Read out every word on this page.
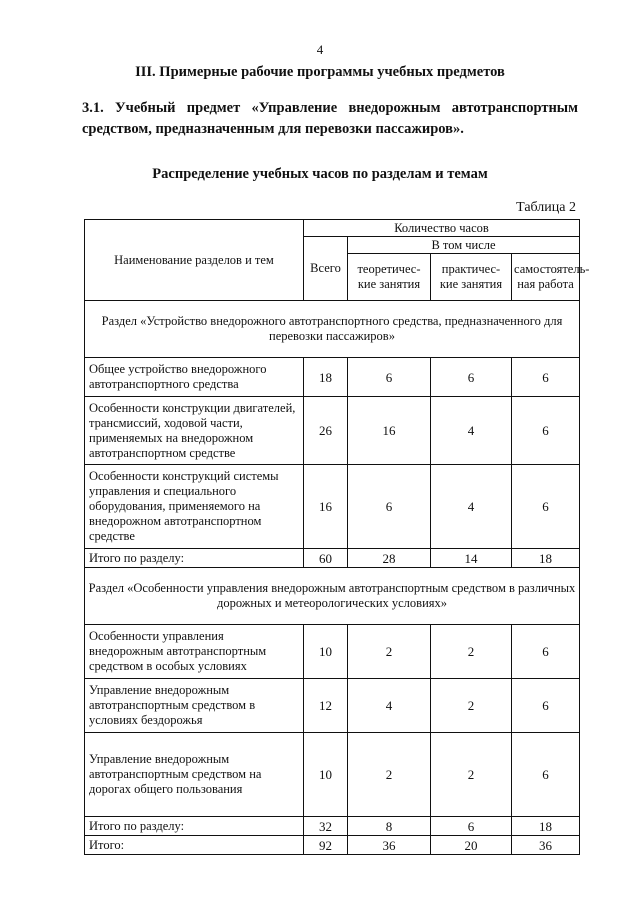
4
III. Примерные рабочие программы учебных предметов
3.1. Учебный предмет «Управление внедорожным автотранспортным средством, предназначенным для перевозки пассажиров».
Распределение учебных часов по разделам и темам
Таблица 2
Наименование разделов и тем	Количество часов			
	Всего	В том числе		
		теоретичес-кие занятия	практичес-кие занятия	самостоятель-ная работа
Раздел «Устройство внедорожного автотранспортного средства, предназначенного для перевозки пассажиров»				
Общее устройство внедорожного автотранспортного средства	18	6	6	6
Особенности конструкции двигателей, трансмиссий, ходовой части, применяемых на внедорожном автотранспортном средстве	26	16	4	6
Особенности конструкций системы управления и специального оборудования, применяемого на внедорожном автотранспортном средстве	16	6	4	6
Итого по разделу:	60	28	14	18
Раздел «Особенности управления внедорожным автотранспортным средством в различных дорожных и метеорологических условиях»				
Особенности управления внедорожным автотранспортным средством в особых условиях	10	2	2	6
Управление внедорожным автотранспортным средством в условиях бездорожья	12	4	2	6
Управление внедорожным автотранспортным средством на дорогах общего пользования	10	2	2	6
Итого по разделу:	32	8	6	18
Итого:	92	36	20	36
